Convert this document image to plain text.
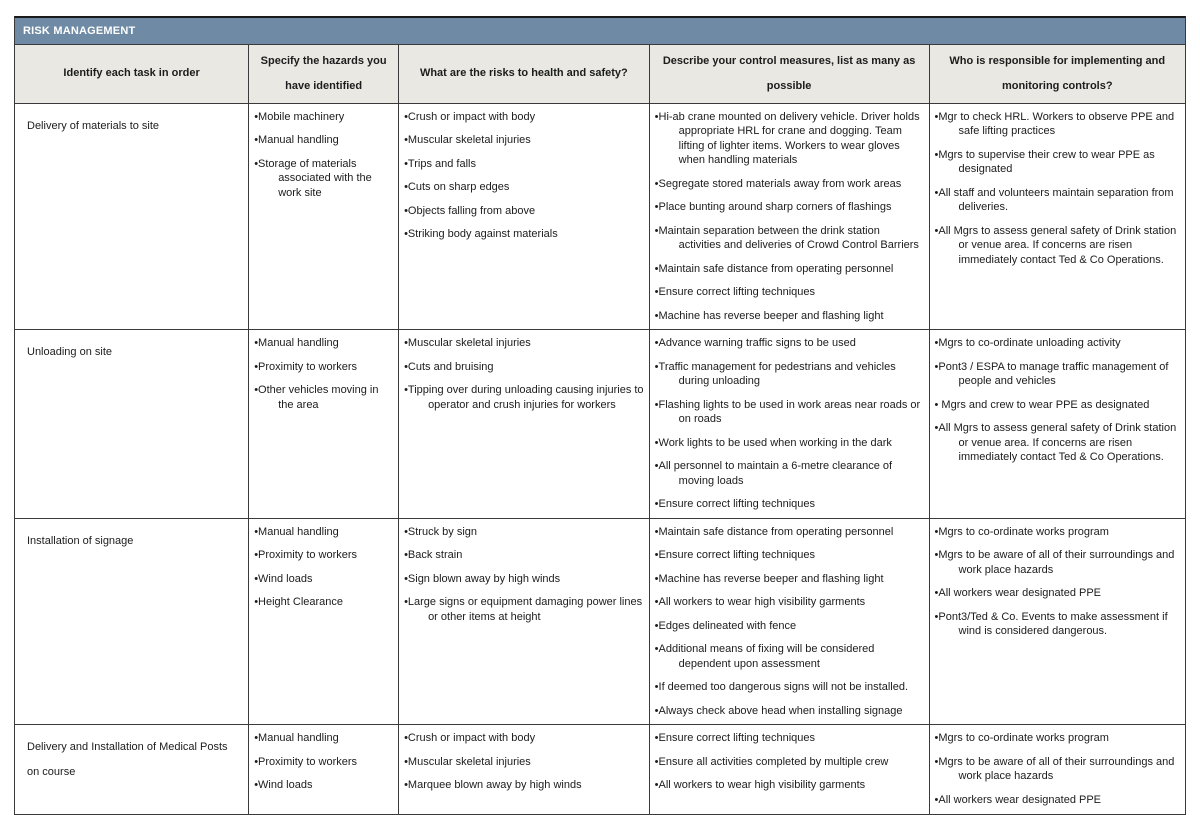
RISK MANAGEMENT
Identify each task in order	Specify the hazards you have identified	What are the risks to health and safety?	Describe your control measures, list as many as possible	Who is responsible for implementing and monitoring controls?
Delivery of materials to site	
•Mobile machinery
•Manual handling
•Storage of materials associated with the work site

•Crush or impact with body
•Muscular skeletal injuries
•Trips and falls
•Cuts on sharp edges
•Objects falling from above
•Striking body against materials

•Hi-ab crane mounted on delivery vehicle. Driver holds appropriate HRL for crane and dogging. Team lifting of lighter items. Workers to wear gloves when handling materials
•Segregate stored materials away from work areas
•Place bunting around sharp corners of flashings
•Maintain separation between the drink station activities and deliveries of Crowd Control Barriers
•Maintain safe distance from operating personnel
•Ensure correct lifting techniques
•Machine has reverse beeper and flashing light

•Mgr to check HRL. Workers to observe PPE and safe lifting practices
•Mgrs to supervise their crew to wear PPE as designated
•All staff and volunteers maintain separation from deliveries.
•All Mgrs to assess general safety of Drink station or venue area. If concerns are risen immediately contact Ted & Co Operations.

Unloading on site	
•Manual handling
•Proximity to workers
•Other vehicles moving in the area

•Muscular skeletal injuries
•Cuts and bruising
•Tipping over during unloading causing injuries to operator and crush injuries for workers

•Advance warning traffic signs to be used
•Traffic management for pedestrians and vehicles during unloading
•Flashing lights to be used in work areas near roads or on roads
•Work lights to be used when working in the dark
•All personnel to maintain a 6-metre clearance of moving loads
•Ensure correct lifting techniques

•Mgrs to co-ordinate unloading activity
•Pont3 / ESPA to manage traffic management of people and vehicles
• Mgrs and crew to wear PPE as designated
•All Mgrs to assess general safety of Drink station or venue area. If concerns are risen immediately contact Ted & Co Operations.

Installation of signage	
•Manual handling
•Proximity to workers
•Wind loads
•Height Clearance

•Struck by sign
•Back strain
•Sign blown away by high winds
•Large signs or equipment damaging power lines or other items at height

•Maintain safe distance from operating personnel
•Ensure correct lifting techniques
•Machine has reverse beeper and flashing light
•All workers to wear high visibility garments
•Edges delineated with fence
•Additional means of fixing will be considered dependent upon assessment
•If deemed too dangerous signs will not be installed.
•Always check above head when installing signage

•Mgrs to co-ordinate works program
•Mgrs to be aware of all of their surroundings and work place hazards
•All workers wear designated PPE
•Pont3/Ted & Co. Events to make assessment if wind is considered dangerous.

Delivery and Installation of Medical Posts on course	
•Manual handling
•Proximity to workers
•Wind loads

•Crush or impact with body
•Muscular skeletal injuries
•Marquee blown away by high winds

•Ensure correct lifting techniques
•Ensure all activities completed by multiple crew
•All workers to wear high visibility garments

•Mgrs to co-ordinate works program
•Mgrs to be aware of all of their surroundings and work place hazards
•All workers wear designated PPE
